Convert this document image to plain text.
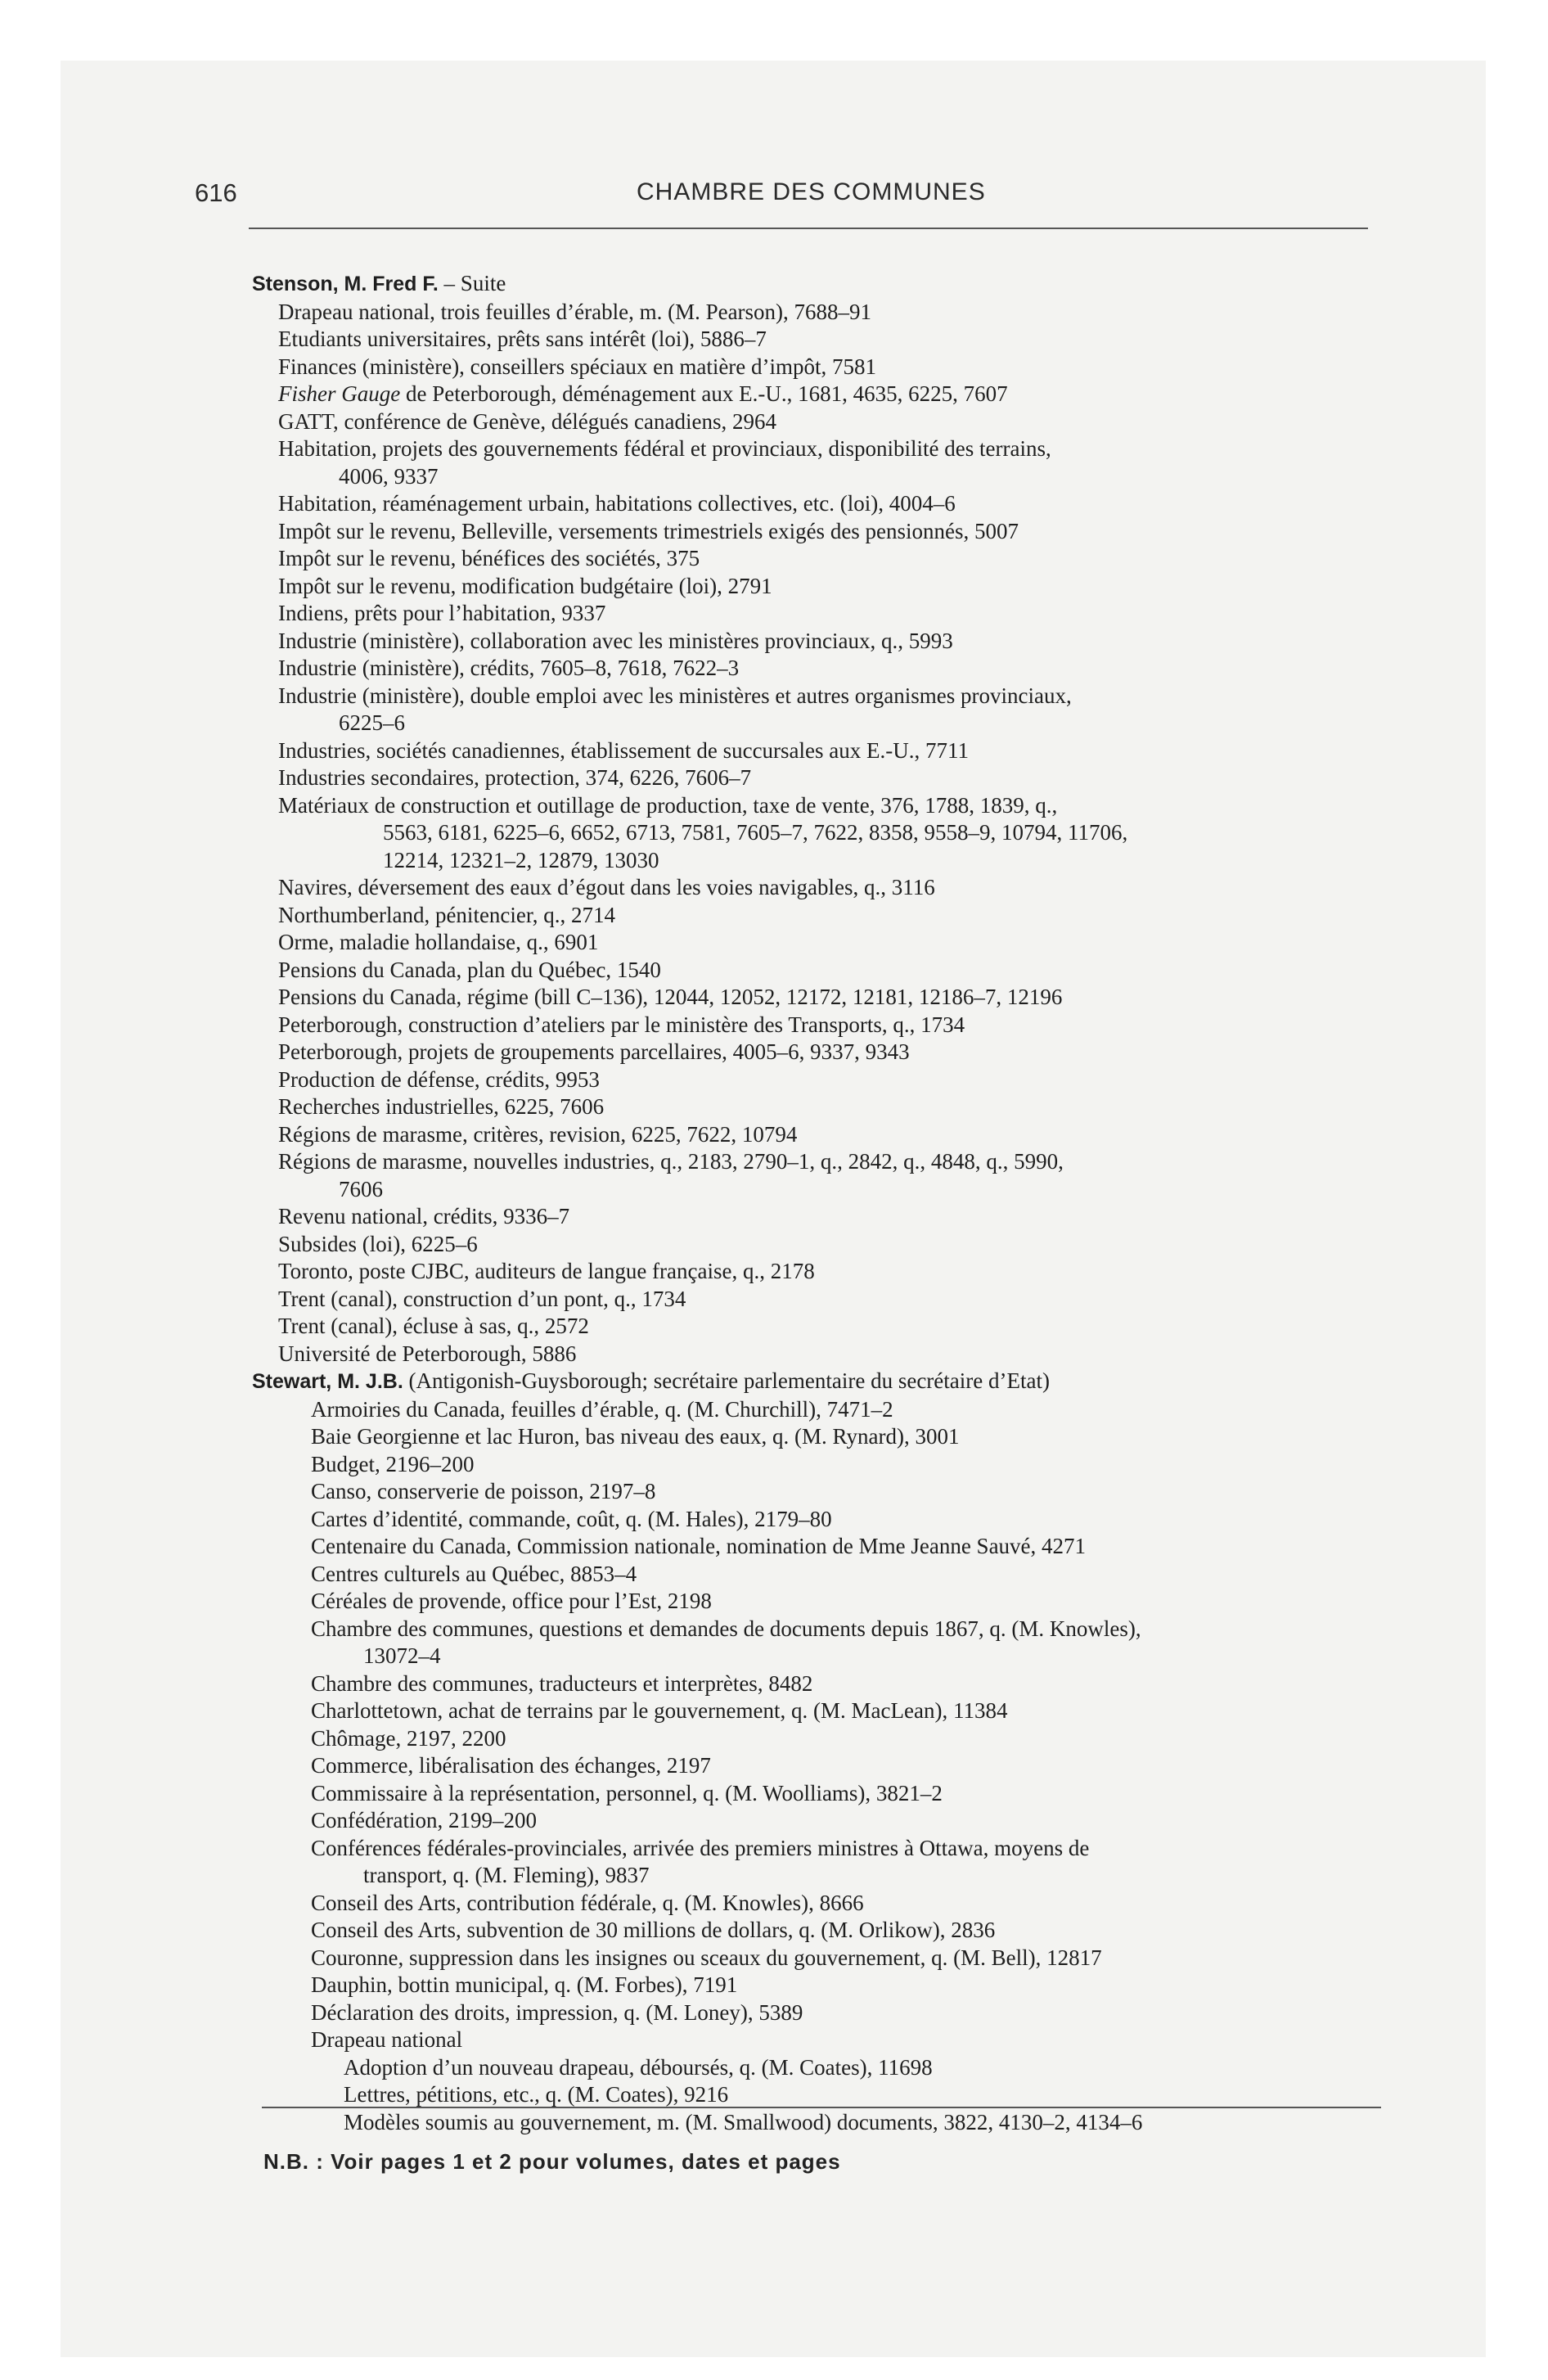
616	CHAMBRE DES COMMUNES
Stenson, M. Fred F. – Suite
Drapeau national, trois feuilles d’érable, m. (M. Pearson), 7688–91
Etudiants universitaires, prêts sans intérêt (loi), 5886–7
Finances (ministère), conseillers spéciaux en matière d’impôt, 7581
Fisher Gauge de Peterborough, déménagement aux E.-U., 1681, 4635, 6225, 7607
GATT, conférence de Genève, délégués canadiens, 2964
Habitation, projets des gouvernements fédéral et provinciaux, disponibilité des terrains,
4006, 9337
Habitation, réaménagement urbain, habitations collectives, etc. (loi), 4004–6
Impôt sur le revenu, Belleville, versements trimestriels exigés des pensionnés, 5007
Impôt sur le revenu, bénéfices des sociétés, 375
Impôt sur le revenu, modification budgétaire (loi), 2791
Indiens, prêts pour l’habitation, 9337
Industrie (ministère), collaboration avec les ministères provinciaux, q., 5993
Industrie (ministère), crédits, 7605–8, 7618, 7622–3
Industrie (ministère), double emploi avec les ministères et autres organismes provinciaux,
6225–6
Industries, sociétés canadiennes, établissement de succursales aux E.-U., 7711
Industries secondaires, protection, 374, 6226, 7606–7
Matériaux de construction et outillage de production, taxe de vente, 376, 1788, 1839, q.,
5563, 6181, 6225–6, 6652, 6713, 7581, 7605–7, 7622, 8358, 9558–9, 10794, 11706,
12214, 12321–2, 12879, 13030
Navires, déversement des eaux d’égout dans les voies navigables, q., 3116
Northumberland, pénitencier, q., 2714
Orme, maladie hollandaise, q., 6901
Pensions du Canada, plan du Québec, 1540
Pensions du Canada, régime (bill C–136), 12044, 12052, 12172, 12181, 12186–7, 12196
Peterborough, construction d’ateliers par le ministère des Transports, q., 1734
Peterborough, projets de groupements parcellaires, 4005–6, 9337, 9343
Production de défense, crédits, 9953
Recherches industrielles, 6225, 7606
Régions de marasme, critères, revision, 6225, 7622, 10794
Régions de marasme, nouvelles industries, q., 2183, 2790–1, q., 2842, q., 4848, q., 5990,
7606
Revenu national, crédits, 9336–7
Subsides (loi), 6225–6
Toronto, poste CJBC, auditeurs de langue française, q., 2178
Trent (canal), construction d’un pont, q., 1734
Trent (canal), écluse à sas, q., 2572
Université de Peterborough, 5886
Stewart, M. J.B. (Antigonish-Guysborough; secrétaire parlementaire du secrétaire d’Etat)
Armoiries du Canada, feuilles d’érable, q. (M. Churchill), 7471–2
Baie Georgienne et lac Huron, bas niveau des eaux, q. (M. Rynard), 3001
Budget, 2196–200
Canso, conserverie de poisson, 2197–8
Cartes d’identité, commande, coût, q. (M. Hales), 2179–80
Centenaire du Canada, Commission nationale, nomination de Mme Jeanne Sauvé, 4271
Centres culturels au Québec, 8853–4
Céréales de provende, office pour l’Est, 2198
Chambre des communes, questions et demandes de documents depuis 1867, q. (M. Knowles),
13072–4
Chambre des communes, traducteurs et interprètes, 8482
Charlottetown, achat de terrains par le gouvernement, q. (M. MacLean), 11384
Chômage, 2197, 2200
Commerce, libéralisation des échanges, 2197
Commissaire à la représentation, personnel, q. (M. Woolliams), 3821–2
Confédération, 2199–200
Conférences fédérales-provinciales, arrivée des premiers ministres à Ottawa, moyens de
transport, q. (M. Fleming), 9837
Conseil des Arts, contribution fédérale, q. (M. Knowles), 8666
Conseil des Arts, subvention de 30 millions de dollars, q. (M. Orlikow), 2836
Couronne, suppression dans les insignes ou sceaux du gouvernement, q. (M. Bell), 12817
Dauphin, bottin municipal, q. (M. Forbes), 7191
Déclaration des droits, impression, q. (M. Loney), 5389
Drapeau national
Adoption d’un nouveau drapeau, déboursés, q. (M. Coates), 11698
Lettres, pétitions, etc., q. (M. Coates), 9216
Modèles soumis au gouvernement, m. (M. Smallwood) documents, 3822, 4130–2, 4134–6
N.B. : Voir pages 1 et 2 pour volumes, dates et pages
